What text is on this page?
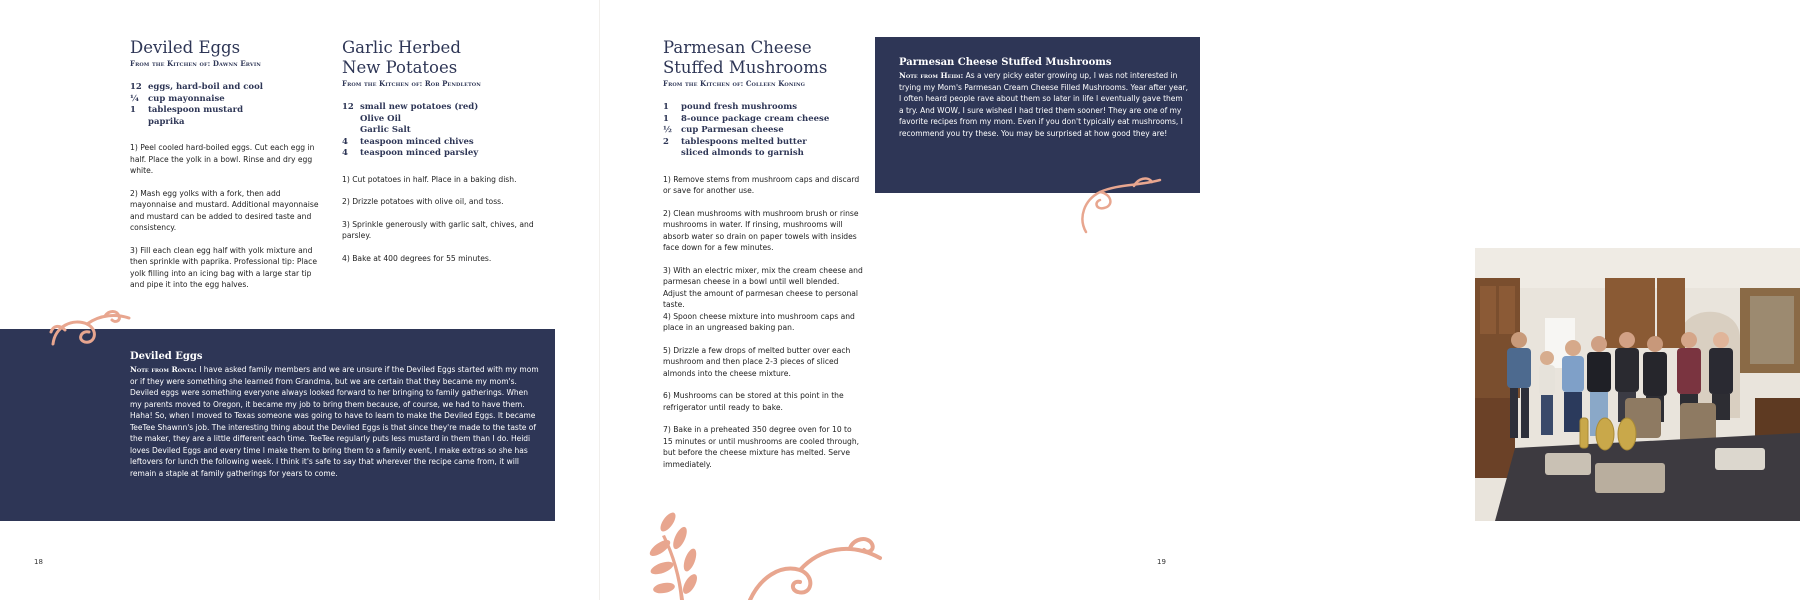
Deviled Eggs
From the Kitchen of: Dawnn Ervin
12 eggs, hard-boil and cool
¼	cup mayonnaise
1	tablespoon mustard
paprika

1) Peel cooled hard-boiled eggs. Cut each egg in half. Place the yolk in a bowl. Rinse and dry egg white.

2) Mash egg yolks with a fork, then add mayonnaise and mustard. Additional mayonnaise and mustard can be added to desired taste and consistency.

3) Fill each clean egg half with yolk mixture and then sprinkle with paprika. Professional tip: Place yolk filling into an icing bag with a large star tip and pipe it into the egg halves.

Garlic Herbed
New Potatoes
From the Kitchen of: Rob Pendleton
12 small new potatoes (red)
Olive Oil
Garlic Salt
4	teaspoon minced chives
4	teaspoon minced parsley

1) Cut potatoes in half. Place in a baking dish.

2) Drizzle potatoes with olive oil, and toss.

3) Sprinkle generously with garlic salt, chives, and parsley.

4) Bake at 400 degrees for 55 minutes.

Deviled Eggs
Note from Ronta: I have asked family members and we are unsure if the Deviled Eggs started with my mom or if they were something she learned from Grandma, but we are certain that they became my mom's. Deviled eggs were something everyone always looked forward to her bringing to family gatherings. When my parents moved to Oregon, it became my job to bring them because, of course, we had to have them. Haha! So, when I moved to Texas someone was going to have to learn to make the Deviled Eggs. It became TeeTee Shawnn's job. The interesting thing about the Deviled Eggs is that since they're made to the taste of the maker, they are a little different each time. TeeTee regularly puts less mustard in them than I do. Heidi loves Deviled Eggs and every time I make them to bring them to a family event, I make extras so she has leftovers for lunch the following week. I think it's safe to say that wherever the recipe came from, it will remain a staple at family gatherings for years to come.
18
Parmesan Cheese
Stuffed Mushrooms
From the Kitchen of: Colleen Koning
1	pound fresh mushrooms
1	8-ounce package cream cheese
½	cup Parmesan cheese
2	tablespoons melted butter
sliced almonds to garnish

1) Remove stems from mushroom caps and discard or save for another use.

2) Clean mushrooms with mushroom brush or rinse mushrooms in water. If rinsing, mushrooms will absorb water so drain on paper towels with insides face down for a few minutes.

3) With an electric mixer, mix the cream cheese and parmesan cheese in a bowl until well blended. Adjust the amount of parmesan cheese to personal taste.

4) Spoon cheese mixture into mushroom caps and place in an ungreased baking pan.

5) Drizzle a few drops of melted butter over each mushroom and then place 2-3 pieces of sliced almonds into the cheese mixture.

6) Mushrooms can be stored at this point in the refrigerator until ready to bake.

7) Bake in a preheated 350 degree oven for 10 to 15 minutes or until mushrooms are cooled through, but before the cheese mixture has melted. Serve immediately.

Parmesan Cheese Stuffed Mushrooms
Note from Heidi: As a very picky eater growing up, I was not interested in trying my Mom's Parmesan Cream Cheese Filled Mushrooms. Year after year, I often heard people rave about them so later in life I eventually gave them a try. And WOW, I sure wished I had tried them sooner! They are one of my favorite recipes from my mom. Even if you don't typically eat mushrooms, I recommend you try these. You may be surprised at how good they are!
1 0 0
19
